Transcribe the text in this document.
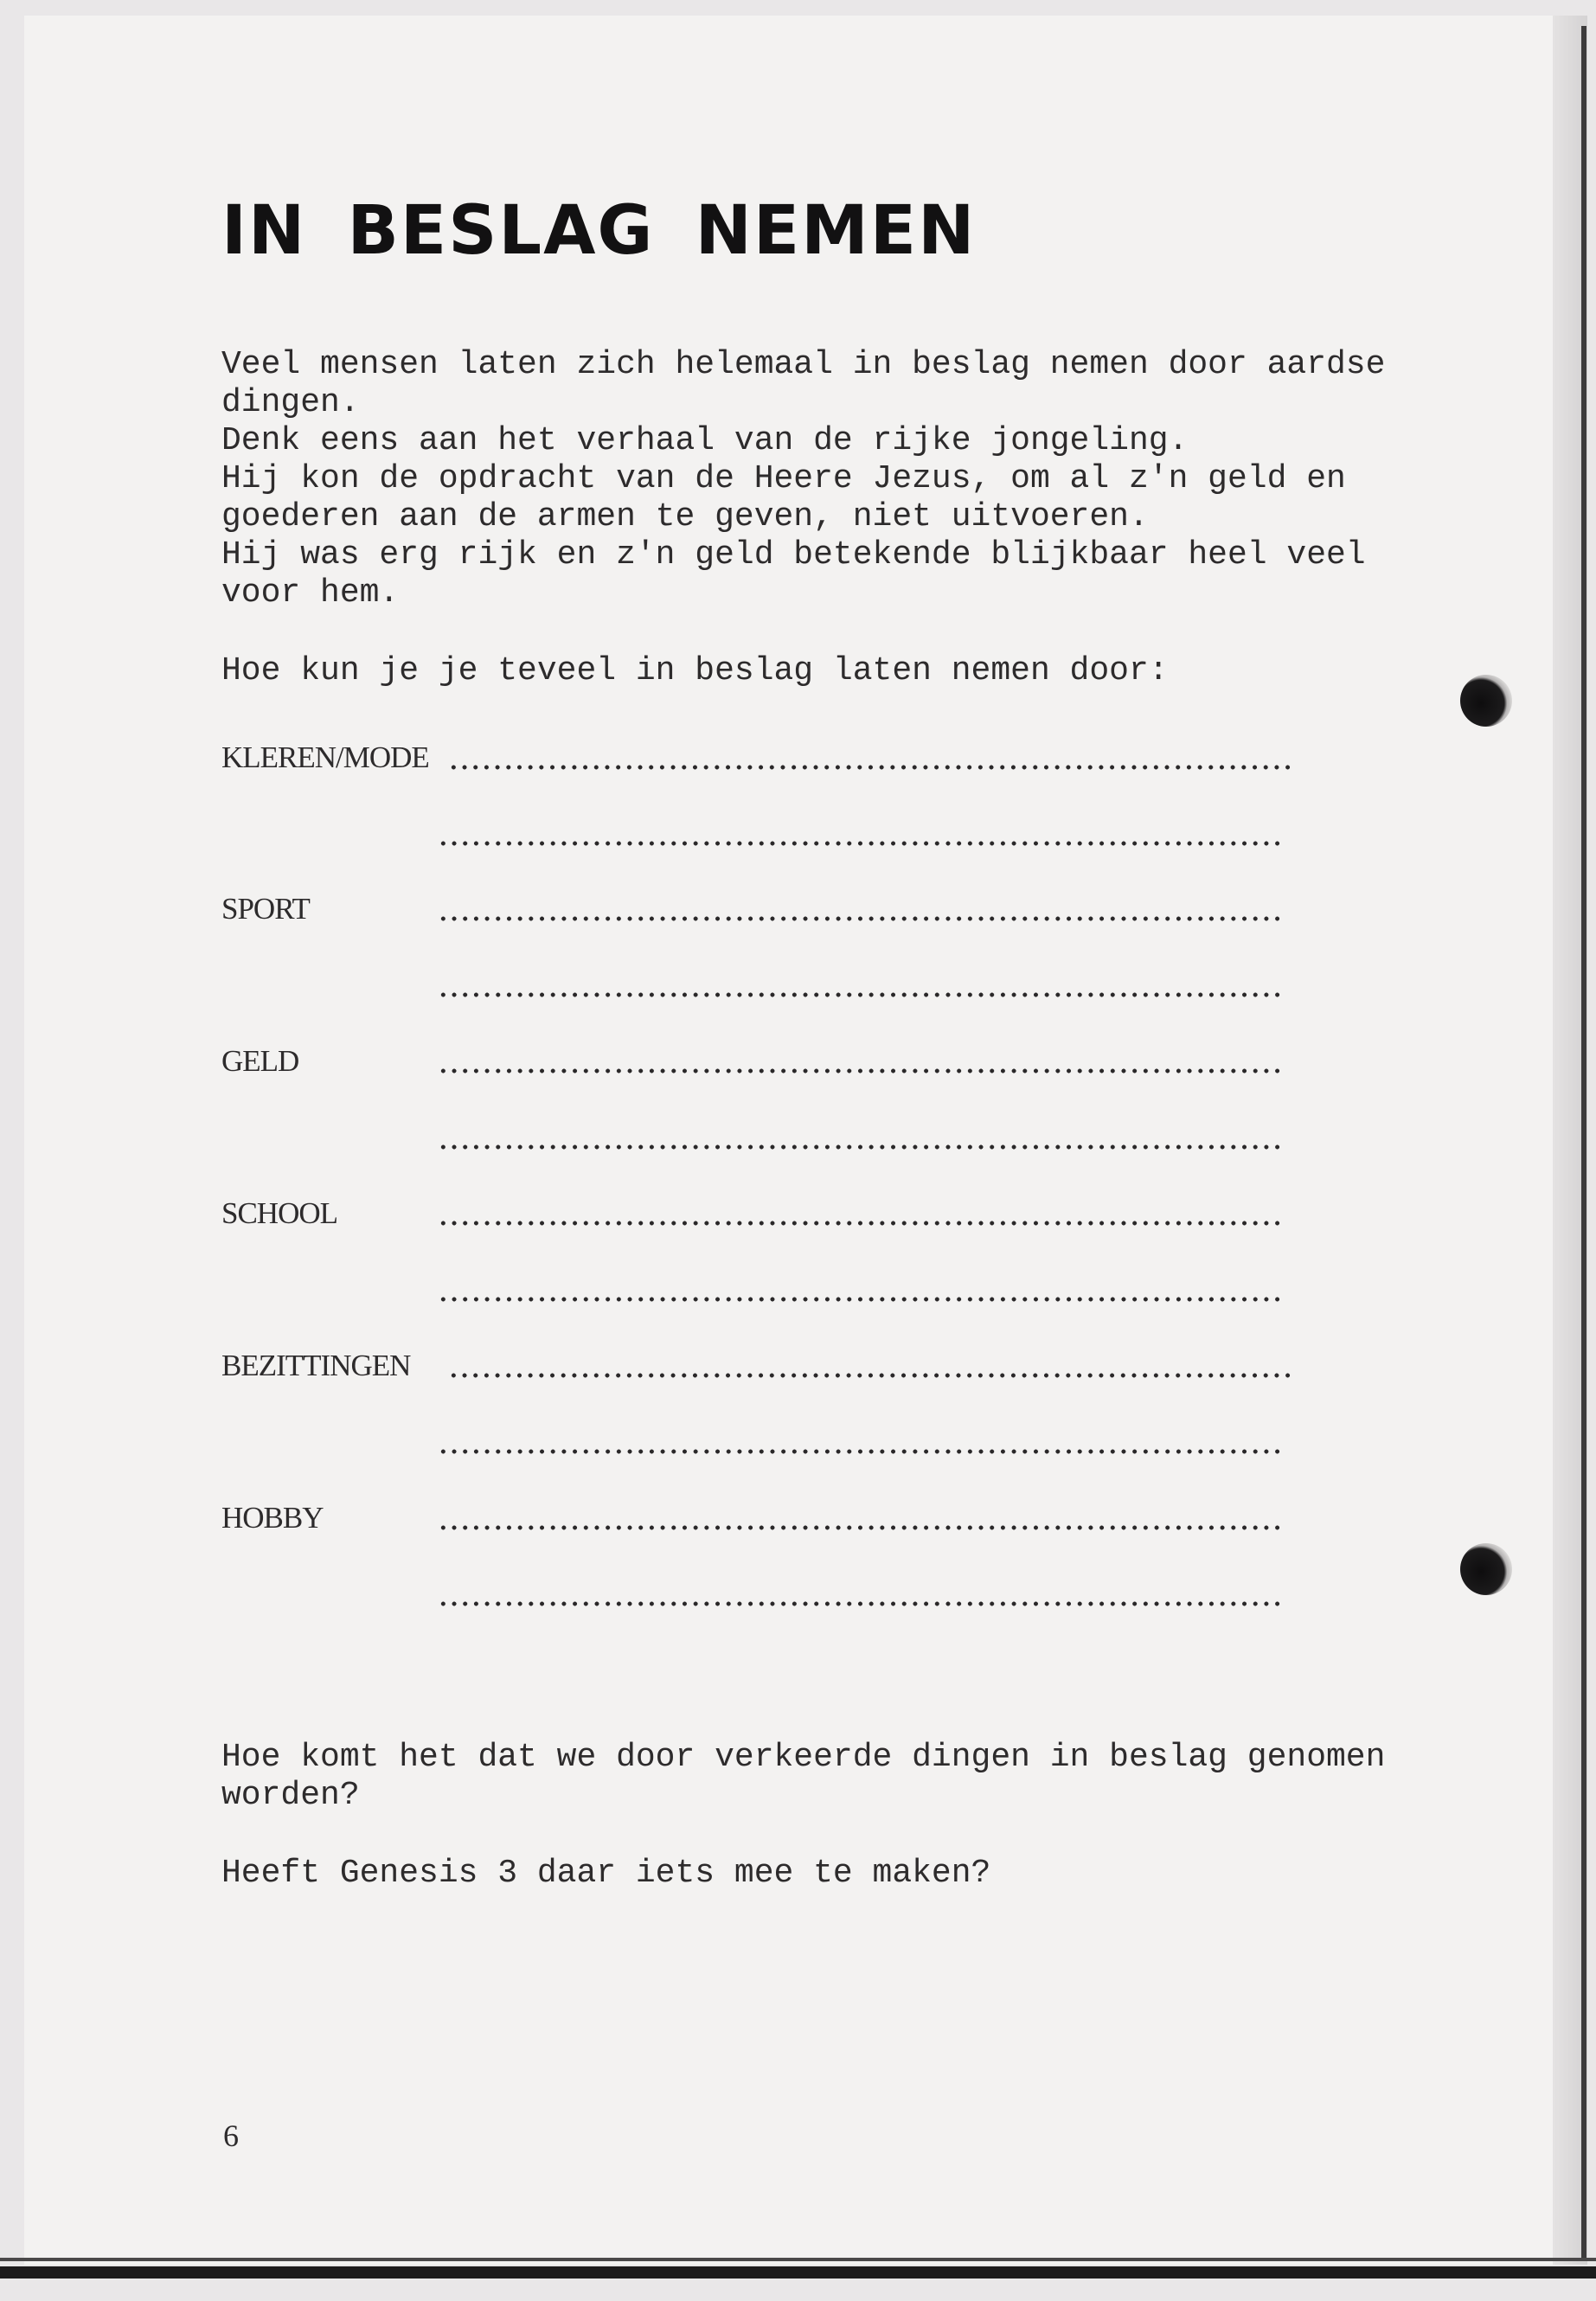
IN BESLAG NEMEN

Veel mensen laten zich helemaal in beslag nemen door aardse

dingen.

Denk eens aan het verhaal van de rijke jongeling.

Hij kon de opdracht van de Heere Jezus, om al z'n geld en

goederen aan de armen te geven, niet uitvoeren.

Hij was erg rijk en z'n geld betekende blijkbaar heel veel

voor hem.

Hoe kun je je teveel in beslag laten nemen door:

KLEREN/MODE
SPORT
GELD
SCHOOL
BEZITTINGEN
HOBBY

Hoe komt het dat we door verkeerde dingen in beslag genomen

worden?

Heeft Genesis 3 daar iets mee te maken?

6
